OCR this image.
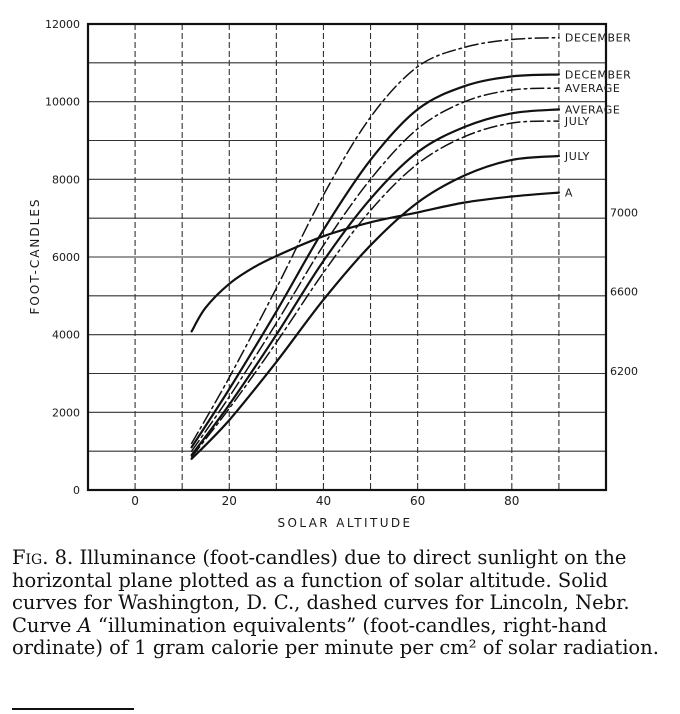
0	20	40	60	80
0
2000
4000
6000
8000
10000
12000
6200
6600
7000
DECEMBER
DECEMBER
AVERAGE
AVERAGE
JULY
JULY
A
SOLAR ALTITUDE
FOOT-CANDLES

Fig. 8. Illuminance (foot-candles) due to direct sunlight on the horizontal plane plotted as a function of solar altitude. Solid curves for Washington, D. C., dashed curves for Lincoln, Nebr. Curve A “illumination equivalents” (foot-candles, right-hand ordinate) of 1 gram calorie per minute per cm² of solar radiation.
